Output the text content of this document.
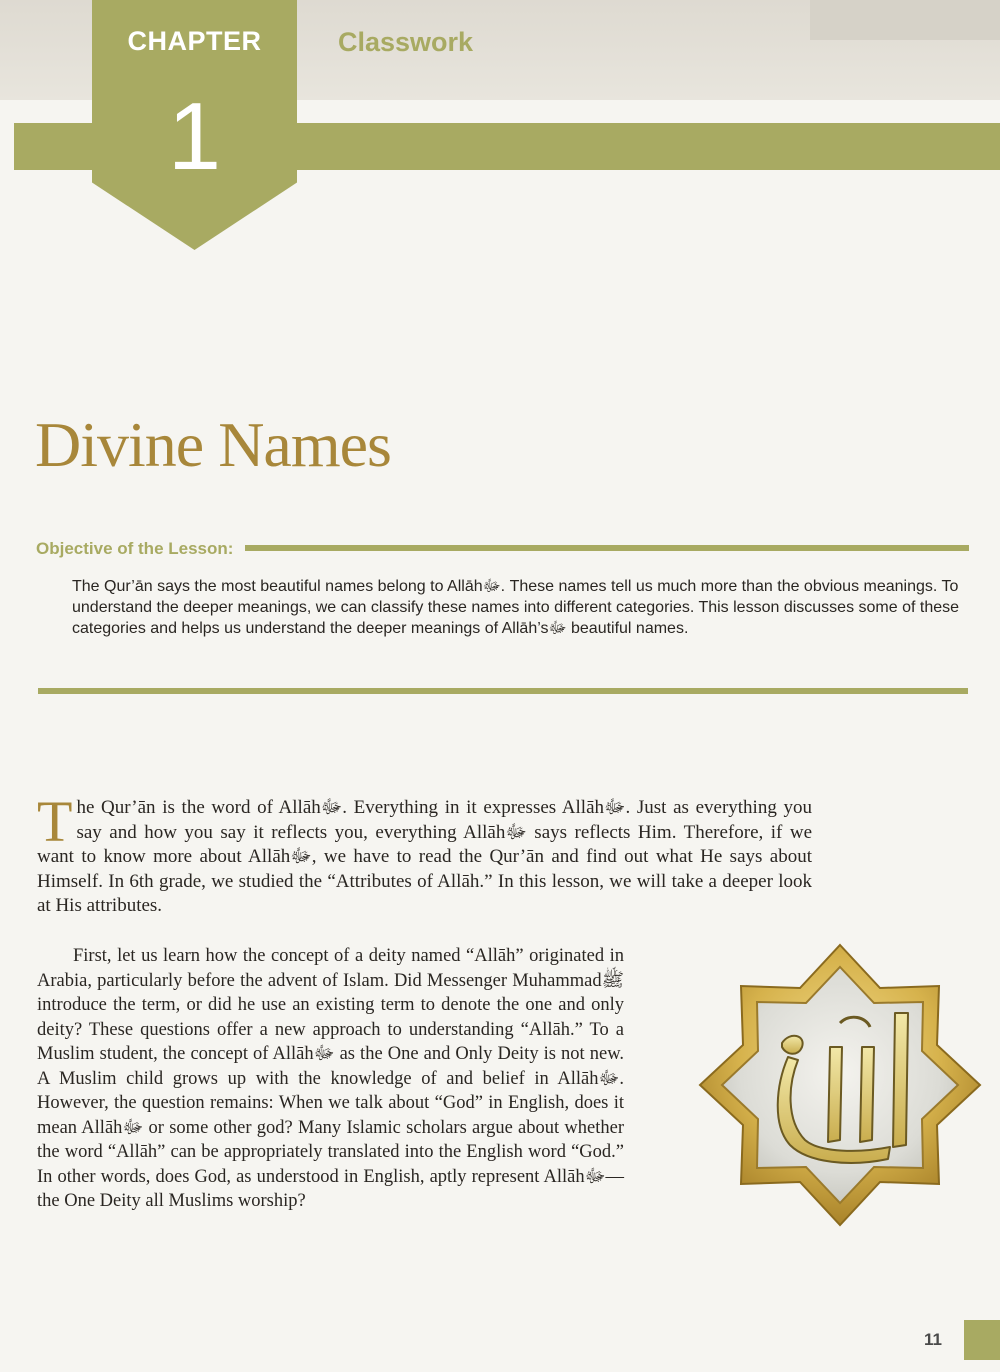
CHAPTER
1
Classwork
Divine Names
Objective of the Lesson:
The Qur’ān says the most beautiful names belong to Allāhﷻ. These names tell us much more than the obvious meanings. To understand the deeper meanings, we can classify these names into different categories. This lesson discusses some of these categories and helps us understand the deeper meanings of Allāh’sﷻ beautiful names.
The Qur’ān is the word of Allāhﷻ. Everything in it expresses Allāhﷻ. Just as everything you say and how you say it reflects you, everything Allāhﷻ says reflects Him. Therefore, if we want to know more about Allāhﷻ, we have to read the Qur’ān and find out what He says about Himself. In 6th grade, we studied the “Attributes of Allāh.” In this lesson, we will take a deeper look at His attributes.
First, let us learn how the concept of a deity named “Allāh” originated in Arabia, particularly before the advent of Islam. Did Messenger Muhammadﷺ introduce the term, or did he use an existing term to denote the one and only deity? These questions offer a new approach to understanding “Allāh.” To a Muslim student, the concept of Allāhﷻ as the One and Only Deity is not new. A Muslim child grows up with the knowledge of and belief in Allāhﷻ. However, the question remains: When we talk about “God” in English, does it mean Allāhﷻ or some other god? Many Islamic scholars argue about whether the word “Allāh” can be appropriately translated into the English word “God.” In other words, does God, as understood in English, aptly represent Allāhﷻ—the One Deity all Muslims worship?
11
